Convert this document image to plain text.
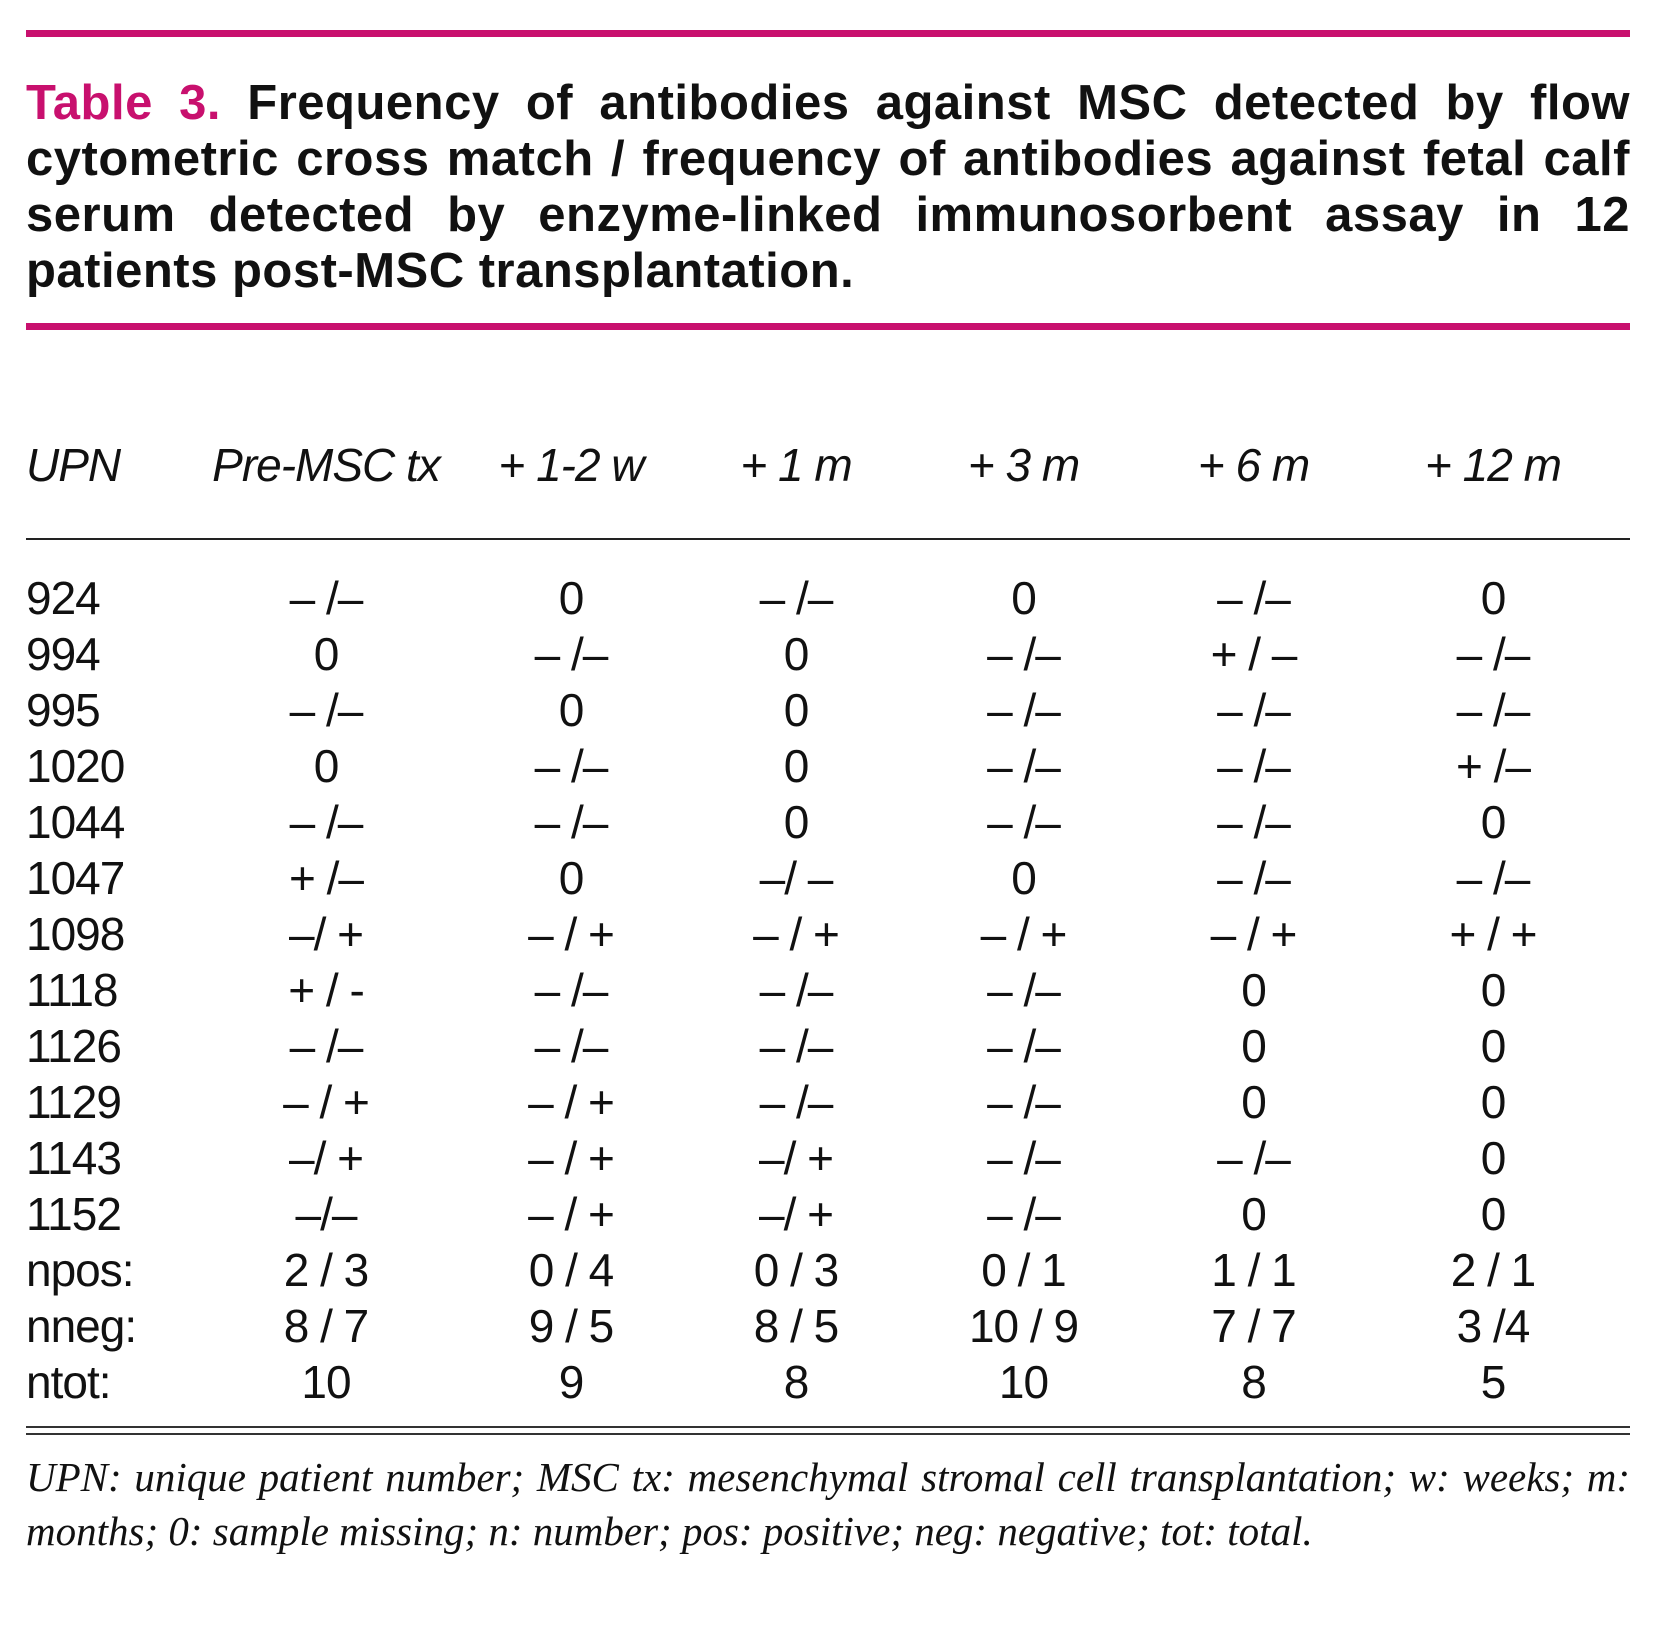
Table 3. Frequency of antibodies against MSC detected by flow cytometric cross match / frequency of antibodies against fetal calf serum detected by enzyme-linked immunosorbent assay in 12 patients post-MSC transplantation.
UPN	Pre-MSC tx	+ 1-2 w	+ 1 m	+ 3 m	+ 6 m	+ 12 m
924	– /–	0	– /–	0	– /–	0
994	0	– /–	0	– /–	+ / –	– /–
995	– /–	0	0	– /–	– /–	– /–
1020	0	– /–	0	– /–	– /–	+ /–
1044	– /–	– /–	0	– /–	– /–	0
1047	+ /–	0	–/ –	0	– /–	– /–
1098	–/ +	– / +	– / +	– / +	– / +	+ / +
1118	+ / -	– /–	– /–	– /–	0	0
1126	– /–	– /–	– /–	– /–	0	0
1129	– / +	– / +	– /–	– /–	0	0
1143	–/ +	– / +	–/ +	– /–	– /–	0
1152	–/–	– / +	–/ +	– /–	0	0
npos:	2 / 3	0 / 4	0 / 3	0 / 1	1 / 1	2 / 1
nneg:	8 / 7	9 / 5	8 / 5	10 / 9	7 / 7	3 /4
ntot:	10	9	8	10	8	5
UPN: unique patient number; MSC tx: mesenchymal stromal cell transplantation; w: weeks; m: months; 0: sample missing; n: number; pos: positive; neg: negative; tot: total.
